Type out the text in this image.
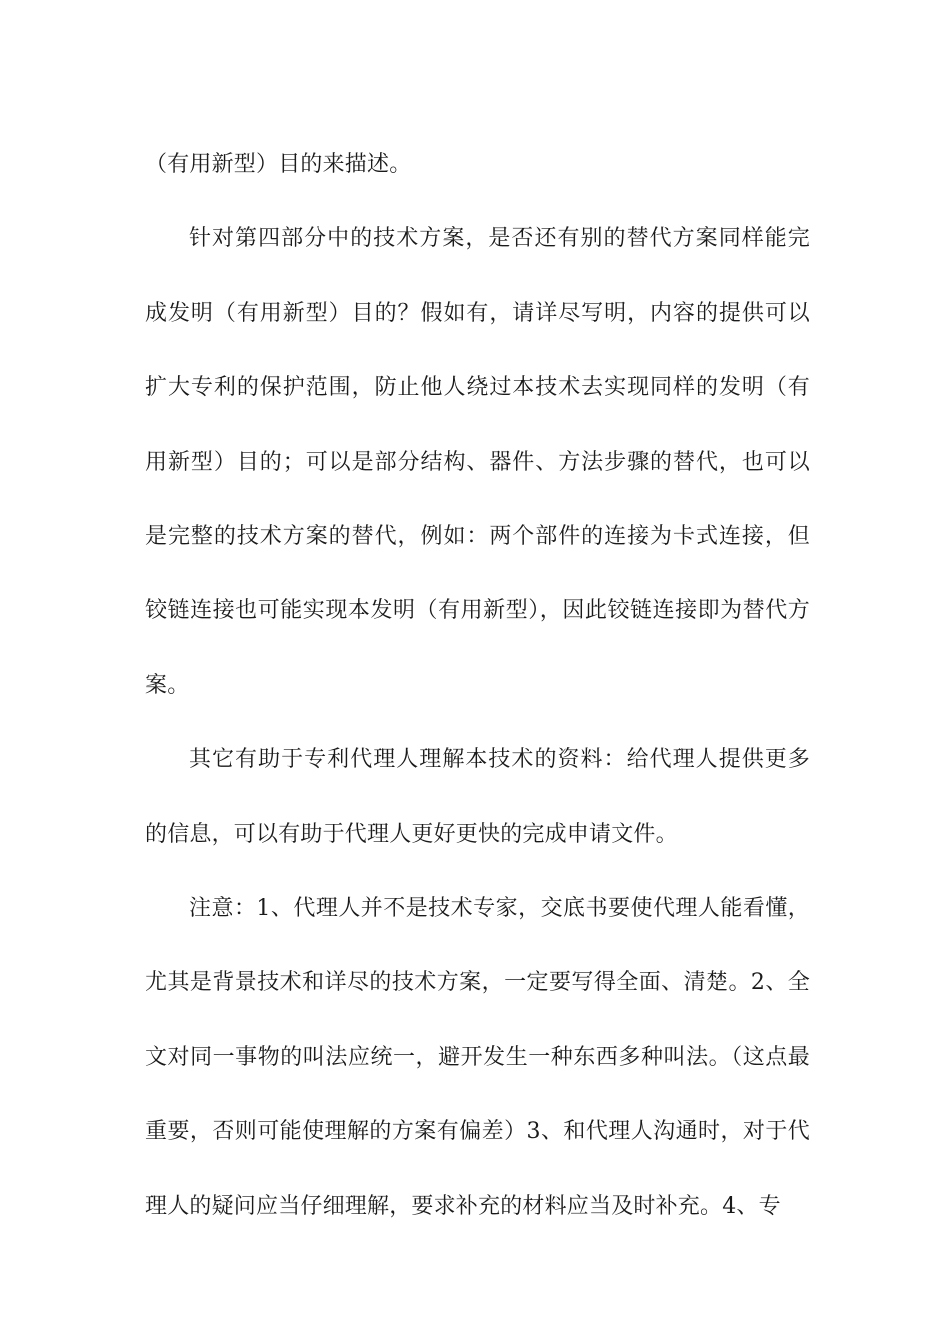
（有用新型）目的来描述。

针对第四部分中的技术方案，是否还有别的替代方案同样能完成发明（有用新型）目的？假如有，请详尽写明，内容的提供可以扩大专利的保护范围，防止他人绕过本技术去实现同样的发明（有用新型）目的；可以是部分结构、器件、方法步骤的替代，也可以是完整的技术方案的替代，例如：两个部件的连接为卡式连接，但铰链连接也可能实现本发明（有用新型），因此铰链连接即为替代方案。

其它有助于专利代理人理解本技术的资料：给代理人提供更多的信息，可以有助于代理人更好更快的完成申请文件。

注意：1、代理人并不是技术专家，交底书要使代理人能看懂，尤其是背景技术和详尽的技术方案，一定要写得全面、清楚。2、全文对同一事物的叫法应统一，避开发生一种东西多种叫法。（这点最重要，否则可能使理解的方案有偏差）3、和代理人沟通时，对于代理人的疑问应当仔细理解，要求补充的材料应当及时补充。4、专
